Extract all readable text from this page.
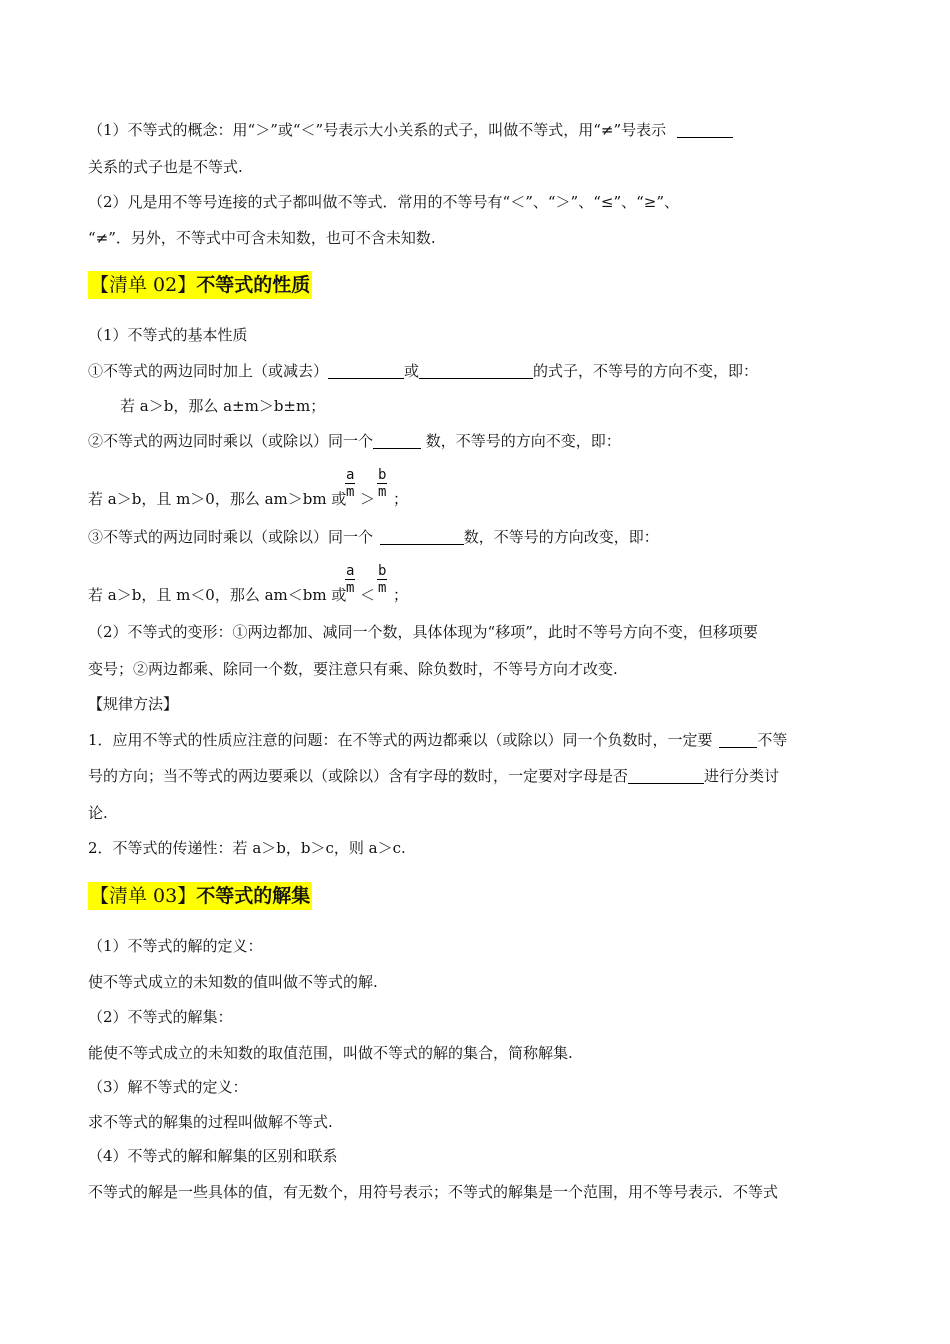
（1）不等式的概念：用“＞”或“＜”号表示大小关系的式子，叫做不等式，用“≠”号表示
关系的式子也是不等式.
（2）凡是用不等号连接的式子都叫做不等式．常用的不等号有“＜”、“＞”、“≤”、“≥”、
“≠”．另外，不等式中可含未知数，也可不含未知数.
【清单 02】不等式的性质
（1）不等式的基本性质
①不等式的两边同时加上（或减去）	或	的式子，不等号的方向不变，即：
若 a＞b，那么 a±m＞b±m；
②不等式的两边同时乘以（或除以）同一个	数，不等号的方向不变，即：
若 a＞b，且 m＞0，那么 am＞bm 或
a
m ＞
b
m ；
③不等式的两边同时乘以（或除以）同一个	数，不等号的方向改变，即：
若 a＞b，且 m＜0，那么 am＜bm 或
a
m ＜
b
m ；
（2）不等式的变形：①两边都加、减同一个数，具体体现为“移项”，此时不等号方向不变，但移项要
变号；②两边都乘、除同一个数，要注意只有乘、除负数时，不等号方向才改变.
【规律方法】
1．应用不等式的性质应注意的问题：在不等式的两边都乘以（或除以）同一个负数时，一定要	不等
号的方向；当不等式的两边要乘以（或除以）含有字母的数时，一定要对字母是否	进行分类讨
论.
2．不等式的传递性：若 a＞b，b＞c，则 a＞c.
【清单 03】不等式的解集
（1）不等式的解的定义：
使不等式成立的未知数的值叫做不等式的解.
（2）不等式的解集：
能使不等式成立的未知数的取值范围，叫做不等式的解的集合，简称解集.
（3）解不等式的定义：
求不等式的解集的过程叫做解不等式.
（4）不等式的解和解集的区别和联系
不等式的解是一些具体的值，有无数个，用符号表示；不等式的解集是一个范围，用不等号表示．不等式
